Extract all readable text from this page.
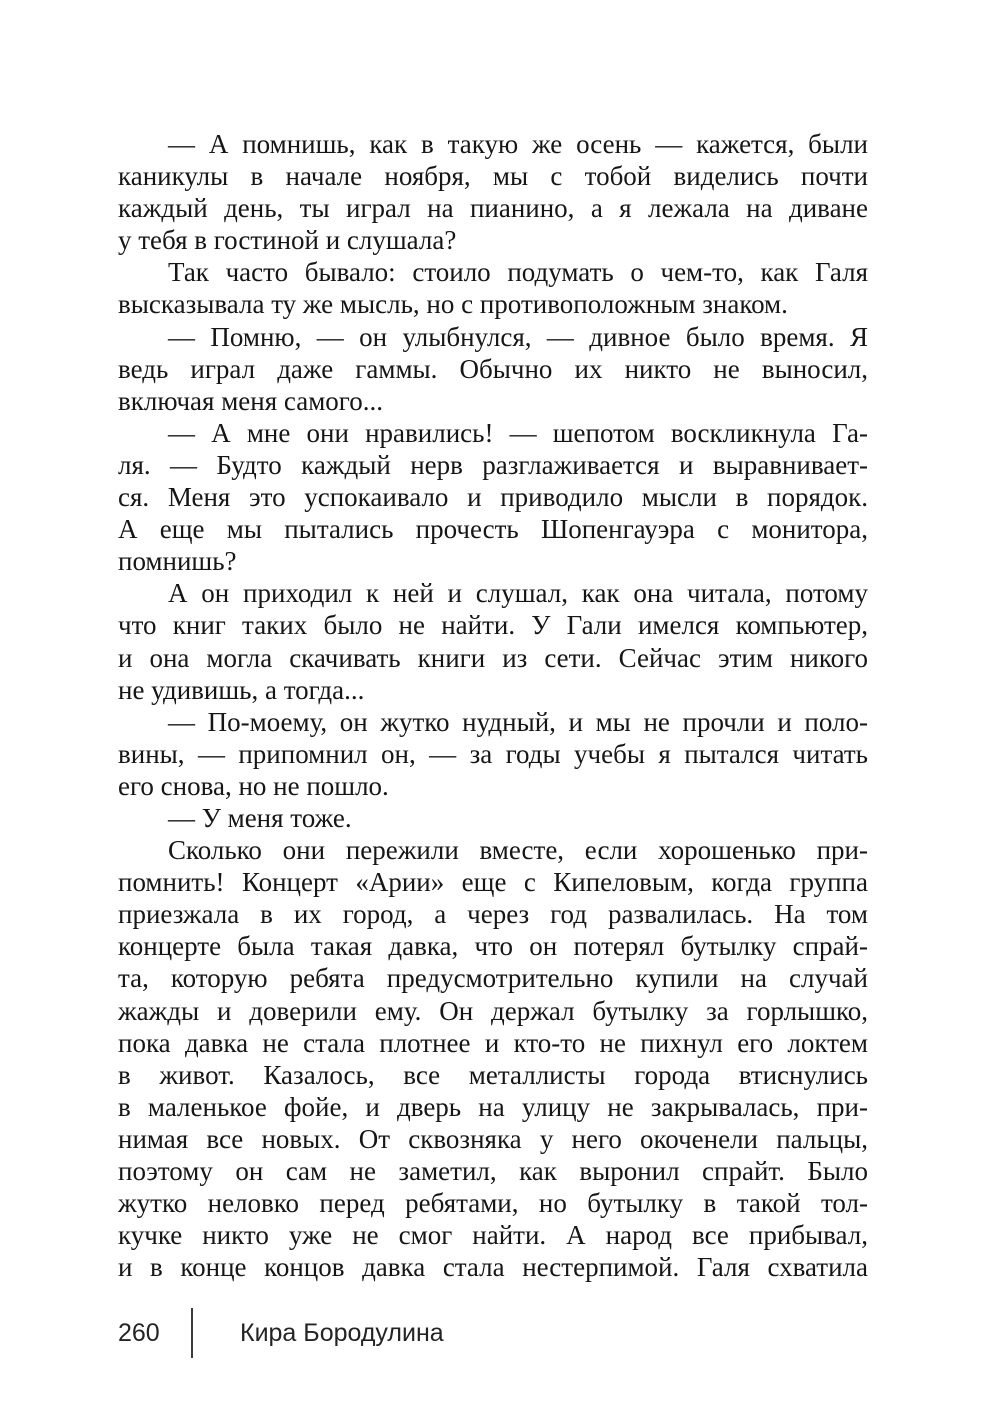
— А помнишь, как в такую же осень — кажется, были
каникулы в начале ноября, мы с тобой виделись почти
каждый день, ты играл на пианино, а я лежала на диване
у тебя в гостиной и слушала?

Так часто бывало: стоило подумать о чем-то, как Галя
высказывала ту же мысль, но с противоположным знаком.

— Помню, — он улыбнулся, — дивное было время. Я
ведь играл даже гаммы. Обычно их никто не выносил,
включая меня самого...

— А мне они нравились! — шепотом воскликнула Га-
ля. — Будто каждый нерв разглаживается и выравнивает-
ся. Меня это успокаивало и приводило мысли в порядок.
А еще мы пытались прочесть Шопенгауэра с монитора,
помнишь?

А он приходил к ней и слушал, как она читала, потому
что книг таких было не найти. У Гали имелся компьютер,
и она могла скачивать книги из сети. Сейчас этим никого
не удивишь, а тогда...

— По-моему, он жутко нудный, и мы не прочли и поло-
вины, — припомнил он, — за годы учебы я пытался читать
его снова, но не пошло.

— У меня тоже.

Сколько они пережили вместе, если хорошенько при-
помнить! Концерт «Арии» еще с Кипеловым, когда группа
приезжала в их город, а через год развалилась. На том
концерте была такая давка, что он потерял бутылку спрай-
та, которую ребята предусмотрительно купили на случай
жажды и доверили ему. Он держал бутылку за горлышко,
пока давка не стала плотнее и кто-то не пихнул его локтем
в живот. Казалось, все металлисты города втиснулись
в маленькое фойе, и дверь на улицу не закрывалась, при-
нимая все новых. От сквозняка у него окоченели пальцы,
поэтому он сам не заметил, как выронил спрайт. Было
жутко неловко перед ребятами, но бутылку в такой тол-
кучке никто уже не смог найти. А народ все прибывал,
и в конце концов давка стала нестерпимой. Галя схватила

260	Кира Бородулина
